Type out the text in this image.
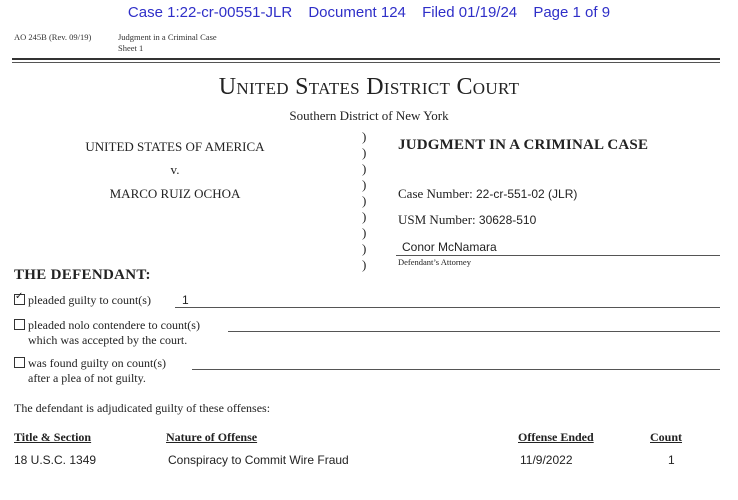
Case 1:22-cr-00551-JLR Document 124 Filed 01/19/24 Page 1 of 9
AO 245B (Rev. 09/19)	Judgment in a Criminal Case
Sheet 1
United States District Court
Southern District of New York
UNITED STATES OF AMERICA
v.
MARCO RUIZ OCHOA
)
)
)
)
)
)
)
)
)
JUDGMENT IN A CRIMINAL CASE
Case Number: 22-cr-551-02 (JLR)
USM Number: 30628-510
Conor McNamara
Defendant’s Attorney
THE DEFENDANT:
✓ pleaded guilty to count(s)	1
pleaded nolo contendere to count(s)
which was accepted by the court.
was found guilty on count(s)
after a plea of not guilty.
The defendant is adjudicated guilty of these offenses:
Title & Section	Nature of Offense	Offense Ended	Count
18 U.S.C. 1349	Conspiracy to Commit Wire Fraud	11/9/2022	1
